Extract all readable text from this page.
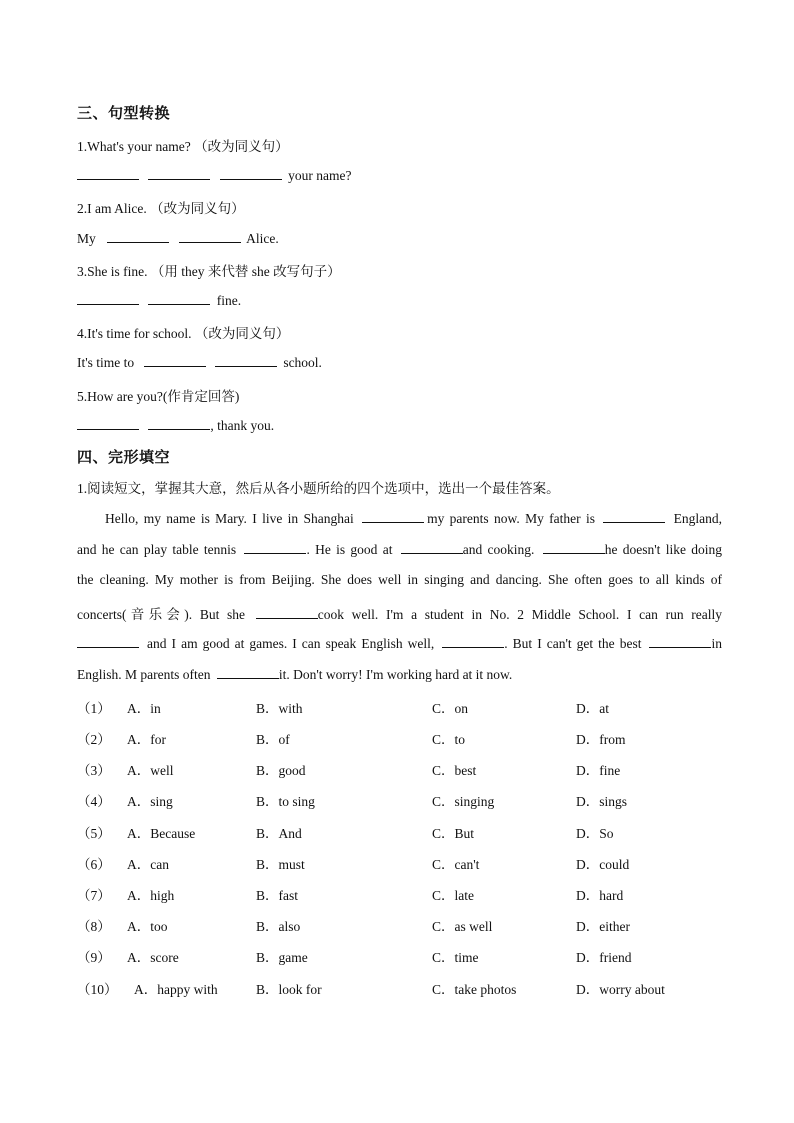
三、句型转换
1.What's your name? （改为同义句）
your name?
2.I am Alice. （改为同义句）
My	Alice.
3.She is fine. （用 they 来代替 she 改写句子）
fine.
4.It's time for school. （改为同义句）
It's time to	school.
5.How are you?(作肯定回答)
, thank you.
四、完形填空
1.阅读短文，掌握其大意，然后从各小题所给的四个选项中，选出一个最佳答案。
Hello, my name is Mary. I live in Shanghai	my parents now. My father is	England,
and he can play table tennis	. He is good at	and cooking.	he doesn't like doing
the cleaning. My mother is from Beijing. She does well in singing and dancing. She often goes to all kinds of
concerts(音乐会). But she	cook well. I'm a student in No. 2 Middle School. I can run really
and I am good at games. I can speak English well,	. But I can't get the best	in
English. M parents often	it. Don't worry! I'm working hard at it now.
（1） A．in	B．with	C．on	D．at
（2） A．for	B．of	C．to	D．from
（3） A．well	B．good	C．best	D．fine
（4） A．sing	B．to sing	C．singing	D．sings
（5） A．Because	B．And	C．But	D．So
（6） A．can	B．must	C．can't	D．could
（7） A．high	B．fast	C．late	D．hard
（8） A．too	B．also	C．as well	D．either
（9） A．score	B．game	C．time	D．friend
（10） A．happy with	B．look for	C．take photos	D．worry about
